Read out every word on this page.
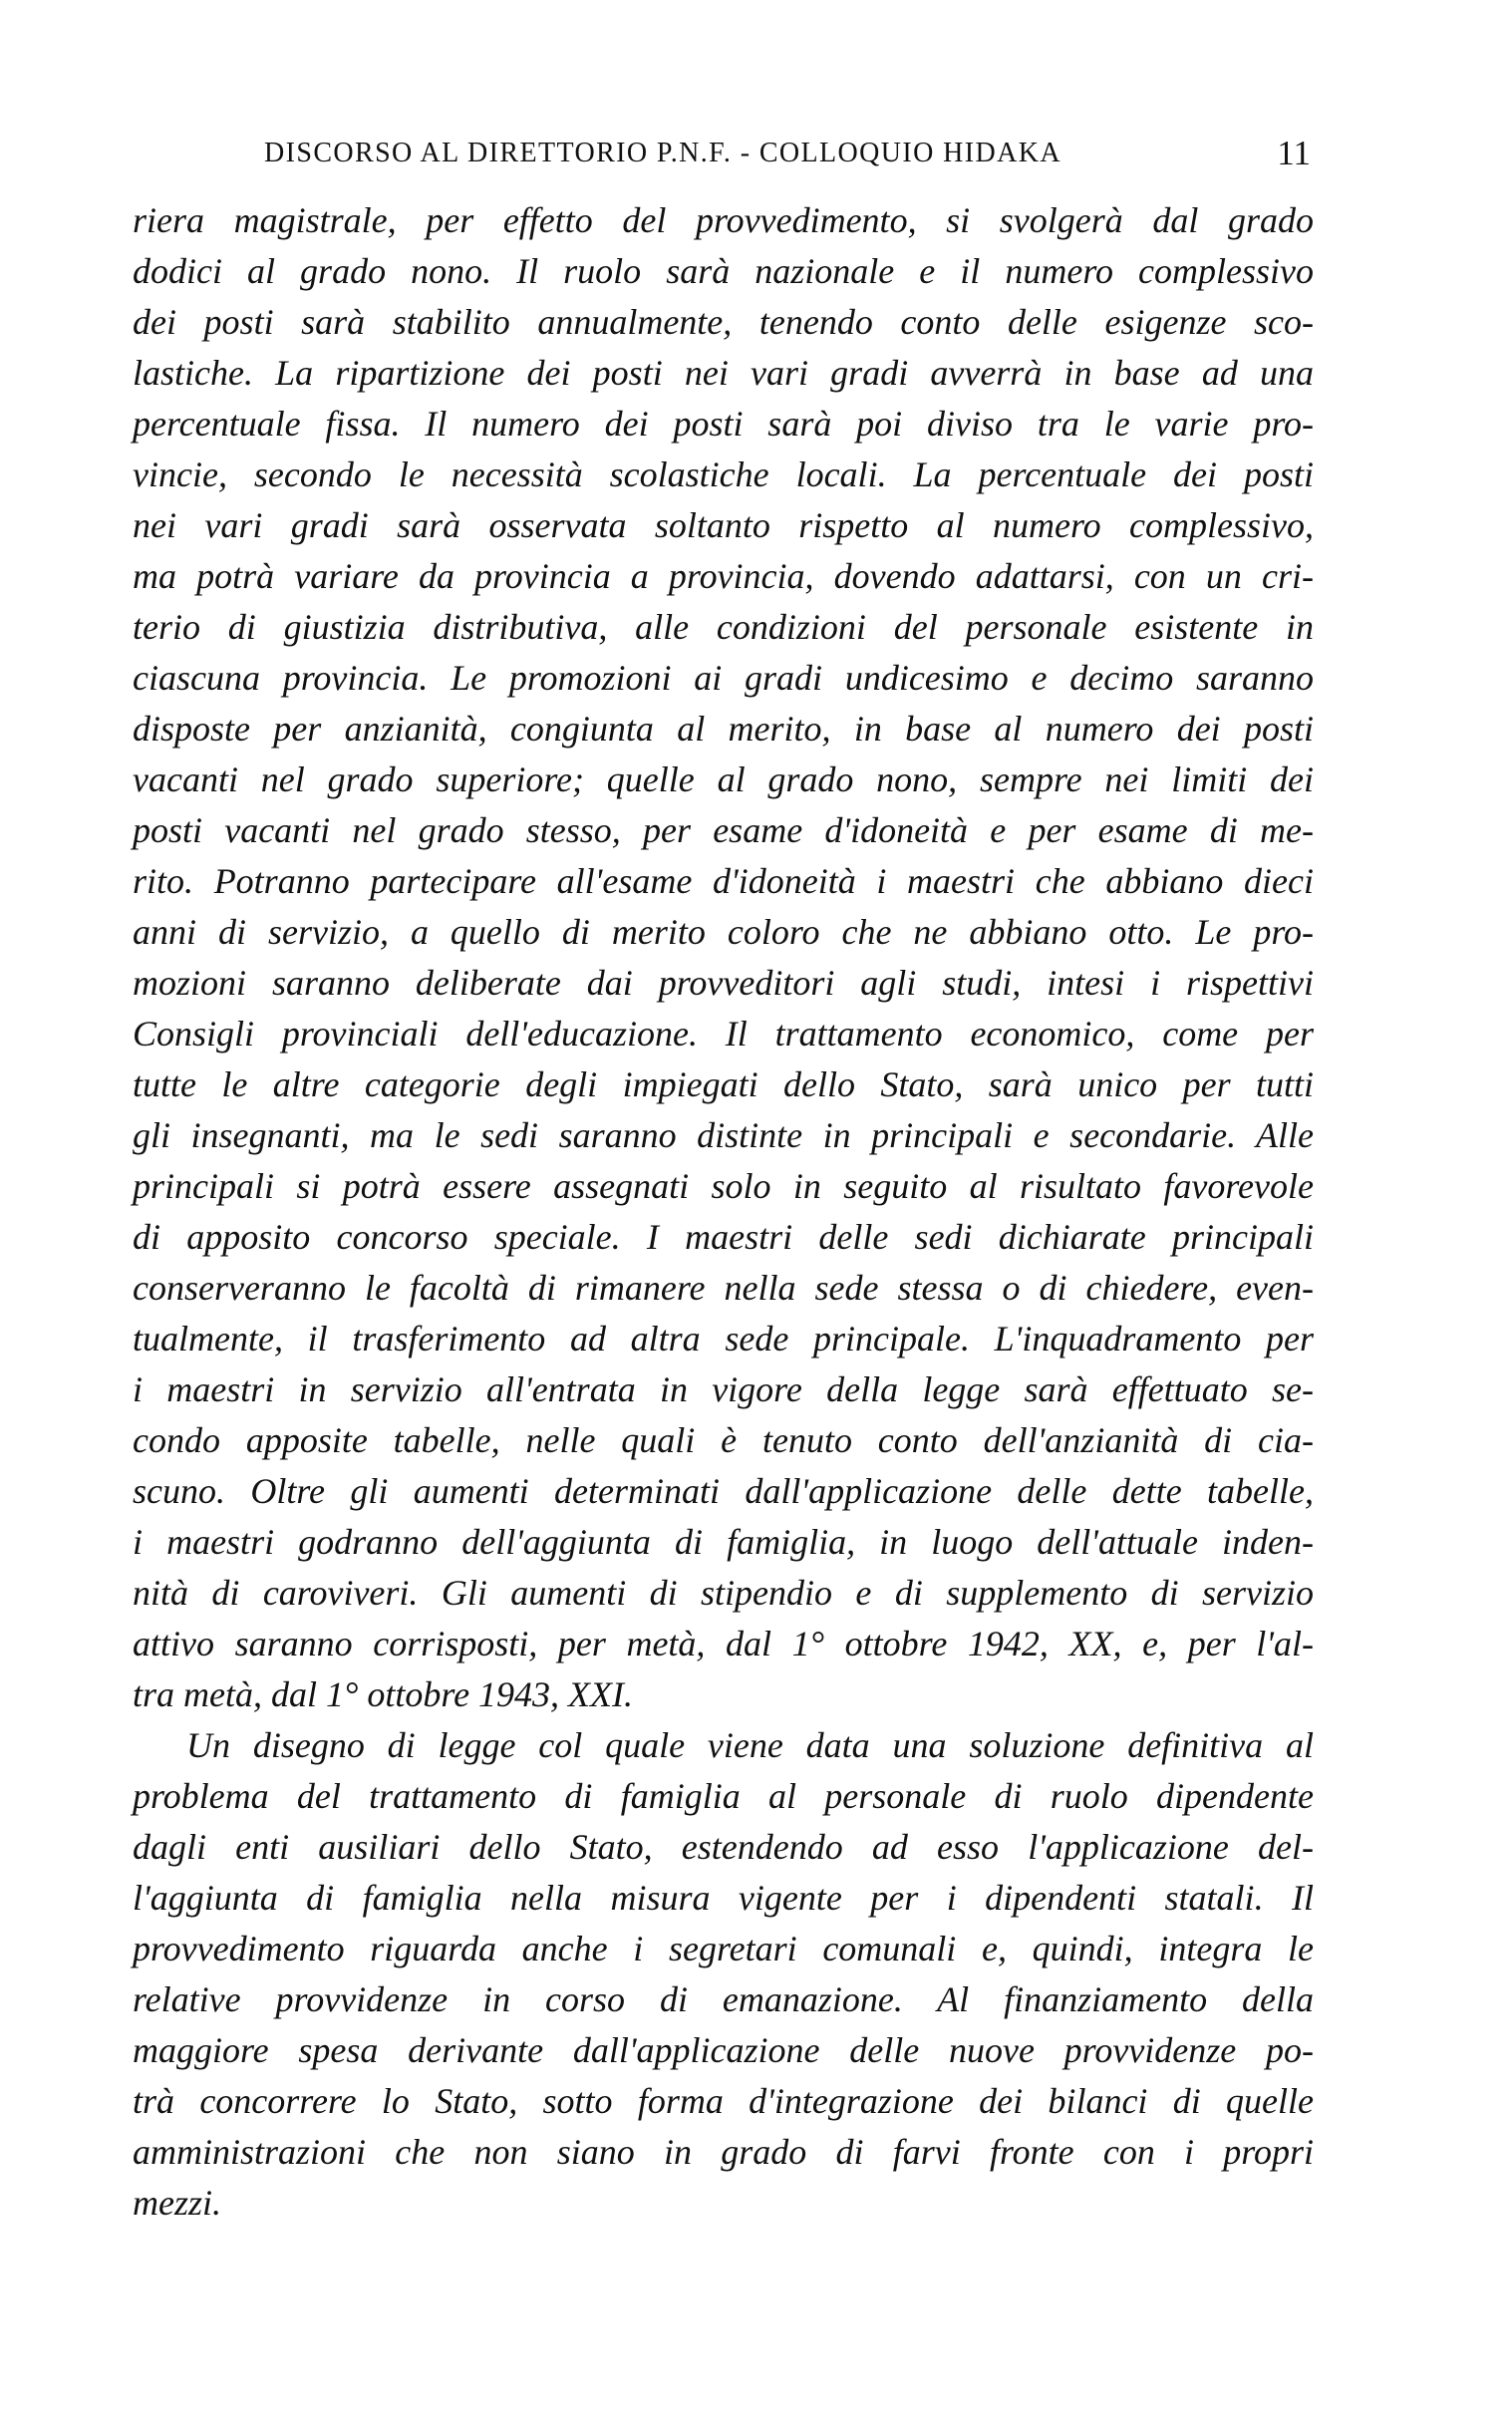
DISCORSO AL DIRETTORIO P.N.F. - COLLOQUIO HIDAKA	11
riera magistrale, per effetto del provvedimento, si svolgerà dal grado
dodici al grado nono. Il ruolo sarà nazionale e il numero complessivo
dei posti sarà stabilito annualmente, tenendo conto delle esigenze sco-
lastiche. La ripartizione dei posti nei vari gradi avverrà in base ad una
percentuale fissa. Il numero dei posti sarà poi diviso tra le varie pro-
vincie, secondo le necessità scolastiche locali. La percentuale dei posti
nei vari gradi sarà osservata soltanto rispetto al numero complessivo,
ma potrà variare da provincia a provincia, dovendo adattarsi, con un cri-
terio di giustizia distributiva, alle condizioni del personale esistente in
ciascuna provincia. Le promozioni ai gradi undicesimo e decimo saranno
disposte per anzianità, congiunta al merito, in base al numero dei posti
vacanti nel grado superiore; quelle al grado nono, sempre nei limiti dei
posti vacanti nel grado stesso, per esame d'idoneità e per esame di me-
rito. Potranno partecipare all'esame d'idoneità i maestri che abbiano dieci
anni di servizio, a quello di merito coloro che ne abbiano otto. Le pro-
mozioni saranno deliberate dai provveditori agli studi, intesi i rispettivi
Consigli provinciali dell'educazione. Il trattamento economico, come per
tutte le altre categorie degli impiegati dello Stato, sarà unico per tutti
gli insegnanti, ma le sedi saranno distinte in principali e secondarie. Alle
principali si potrà essere assegnati solo in seguito al risultato favorevole
di apposito concorso speciale. I maestri delle sedi dichiarate principali
conserveranno le facoltà di rimanere nella sede stessa o di chiedere, even-
tualmente, il trasferimento ad altra sede principale. L'inquadramento per
i maestri in servizio all'entrata in vigore della legge sarà effettuato se-
condo apposite tabelle, nelle quali è tenuto conto dell'anzianità di cia-
scuno. Oltre gli aumenti determinati dall'applicazione delle dette tabelle,
i maestri godranno dell'aggiunta di famiglia, in luogo dell'attuale inden-
nità di caroviveri. Gli aumenti di stipendio e di supplemento di servizio
attivo saranno corrisposti, per metà, dal 1° ottobre 1942, XX, e, per l'al-
tra metà, dal 1° ottobre 1943, XXI.
Un disegno di legge col quale viene data una soluzione definitiva al
problema del trattamento di famiglia al personale di ruolo dipendente
dagli enti ausiliari dello Stato, estendendo ad esso l'applicazione del-
l'aggiunta di famiglia nella misura vigente per i dipendenti statali. Il
provvedimento riguarda anche i segretari comunali e, quindi, integra le
relative provvidenze in corso di emanazione. Al finanziamento della
maggiore spesa derivante dall'applicazione delle nuove provvidenze po-
trà concorrere lo Stato, sotto forma d'integrazione dei bilanci di quelle
amministrazioni che non siano in grado di farvi fronte con i propri
mezzi.
